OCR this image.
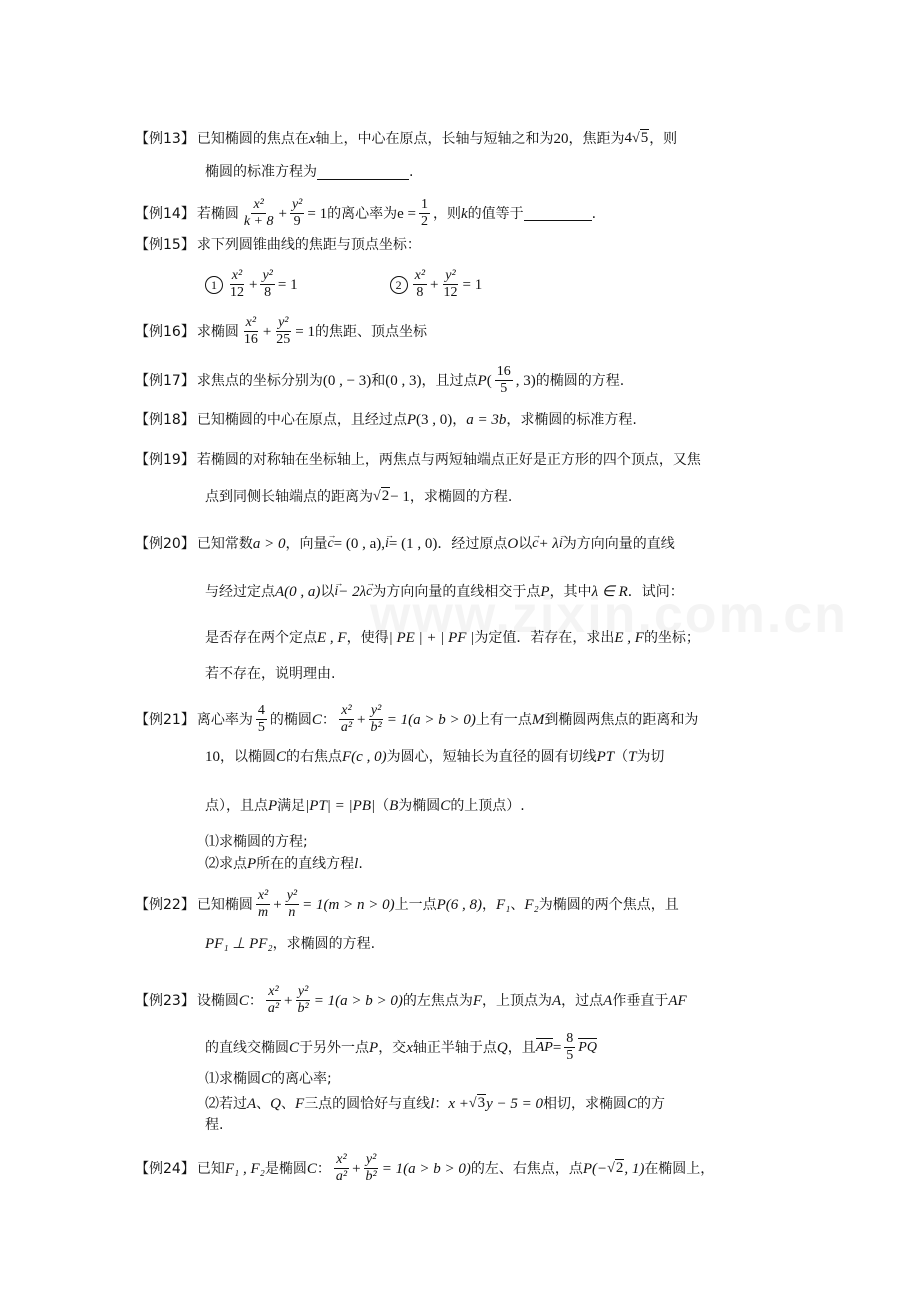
【例13】 已知椭圆的焦点在 x 轴上，中心在原点，长轴与短轴之和为 20 ，焦距为 4√5 ，则
椭圆的标准方程为	.
【例14】 若椭圆 $\frac{\text{x²}}{k + 8} + \frac{\text{y²}}{9} = 1$ 的离心率为 $e = \frac{1}{2}$ ，则 k 的值等于	.
【例15】 求下列圆锥曲线的焦距与顶点坐标：
$1 \frac{\text{x²}}{12} + \frac{\text{y²}}{8} = 1$	$2 \frac{\text{x²}}{8} + \frac{\text{y²}}{12} = 1$
【例16】 求椭圆 $\frac{\text{x²}}{16} + \frac{\text{y²}}{25} = 1$ 的焦距、顶点坐标
【例17】 求焦点的坐标分别为 (0 , − 3) 和 (0 , 3) ，且过点 P ( $\frac{16}{5}$ , 3) 的椭圆的方程.
【例18】 已知椭圆的中心在原点，且经过点 P (3 , 0) ， a = 3b ，求椭圆的标准方程.
【例19】 若椭圆的对称轴在坐标轴上，两焦点与两短轴端点正好是正方形的四个顶点，又焦
点到同侧长轴端点的距离为 √2 − 1 ，求椭圆的方程.
【例20】 已知常数 a > 0 ，向量 → c = (0 , a) , → i = (1 , 0) ．经过原点 O 以 → c + λ → i 为方向向量的直线
与经过定点 A(0 , a) 以 → i − 2λ → c 为方向向量的直线相交于点 P ，其中 λ ∈ R ．试问：
是否存在两个定点 E , F ，使得 | PE | + | PF | 为定值．若存在，求出 E , F 的坐标；
若不存在，说明理由.
【例21】 离心率为 $\frac{4}{5}$ 的椭圆 C ： $\frac{\text{x²}}{\text{a²}} + \frac{\text{y²}}{\text{b²}} = 1(a > b > 0)$ 上有一点 M 到椭圆两焦点的距离和为
10 ，以椭圆 C 的右焦点 F(c , 0) 为圆心，短轴长为直径的圆有切线 PT （ T 为切
点），且点 P 满足 |PT| = |PB| （ B 为椭圆 C 的上顶点）.
⑴求椭圆的方程;
⑵求点 P 所在的直线方程 l .
【例22】 已知椭圆 $\frac{\text{x²}}{m} + \frac{\text{y²}}{n} = 1(m > n > 0)$ 上一点 P(6 , 8) ， F₁ 、 F₂ 为椭圆的两个焦点，且
PF₁ ⊥ PF₂ ，求椭圆的方程.
【例23】 设椭圆 C ： $\frac{\text{x²}}{\text{a²}} + \frac{\text{y²}}{\text{b²}} = 1(a > b > 0)$ 的左焦点为 F ，上顶点为 A ，过点 A 作垂直于 AF
的直线交椭圆 C 于另外一点 P ，交 x 轴正半轴于点 Q ，且 AP = $\frac{8}{5}$ PQ
⑴求椭圆 C 的离心率;
⑵若过 A 、 Q 、 F 三点的圆恰好与直线 l ： x + √3 y − 5 = 0 相切，求椭圆 C 的方
程.
【例24】 已知 F₁ , F₂ 是椭圆 C ： $\frac{\text{x²}}{\text{a²}} + \frac{\text{y²}}{\text{b²}} = 1(a > b > 0)$ 的左、右焦点，点 P(− √2 , 1) 在椭圆上，
